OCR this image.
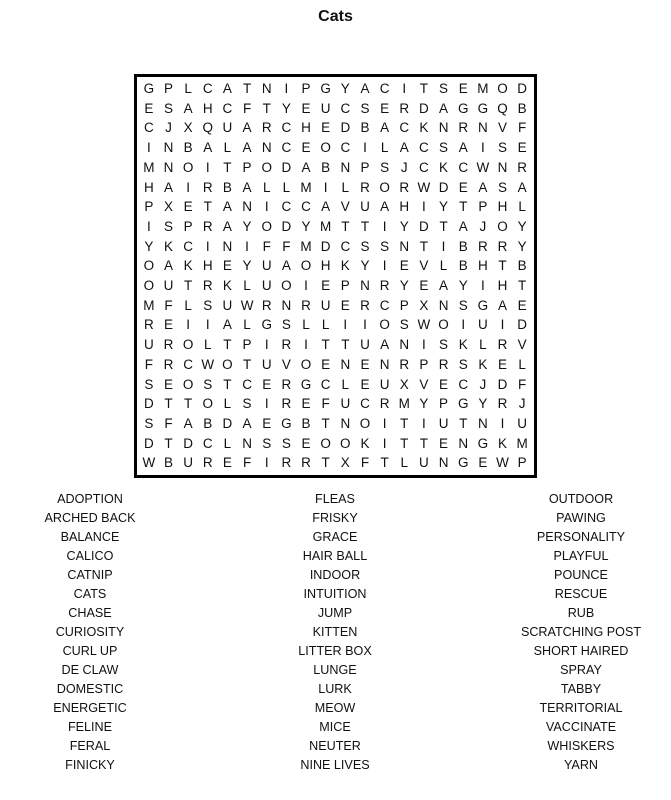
Cats
G P L C A T N I P G Y A C I	T S E M O D
E S A H C F T Y E U C S E R D A G G Q B
C J X Q U A R C H E D B A C K N R N V F
I N B A L A N C E O C I	L A C S A I S E
M N O I	T P O D A B N P S J C K C W N R
H A I R B A L L M I	L R O R W D E A S A
P X E T A N I C C A V U A H I Y T P H L
I S P R A Y O D Y M T T	I Y D T A J O Y
Y K C I N I	F F M D C S S N T	I B R R Y
O A K H E Y U A O H K Y I E V L B H T B
O U T R K L U O I E P N R Y E A Y I H T
M F L S U W R N R U E R C P X N S G A E
R E I	I A L G S L L	I	I O S W O I U I D
U R O L T P I R I	T T U A N I S K L R V
F R C W O T U V O E N E N R P R S K E L
S E O S T C E R G C L E U X V E C J D F
D T T O L S I R E F U C R M Y P G Y R J
S F A B D A E G B T N O I	T	I U T N I U
D T D C L N S S E O O K I	T T E N G K M
W B U R E F	I R R T X F T L U N G E W P
ADOPTION
ARCHED BACK
BALANCE
CALICO
CATNIP
CATS
CHASE
CURIOSITY
CURL UP
DE CLAW
DOMESTIC
ENERGETIC
FELINE
FERAL
FINICKY
FLEAS
FRISKY
GRACE
HAIR BALL
INDOOR
INTUITION
JUMP
KITTEN
LITTER BOX
LUNGE
LURK
MEOW
MICE
NEUTER
NINE LIVES
OUTDOOR
PAWING
PERSONALITY
PLAYFUL
POUNCE
RESCUE
RUB
SCRATCHING POST
SHORT HAIRED
SPRAY
TABBY
TERRITORIAL
VACCINATE
WHISKERS
YARN
